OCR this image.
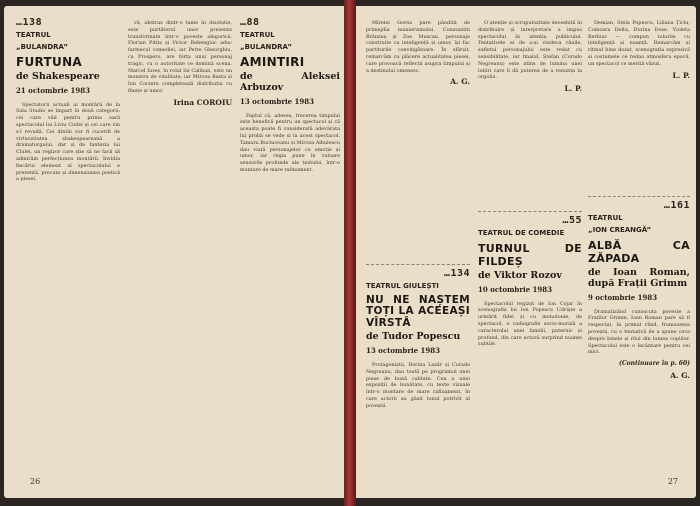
…138
TEATRUL
„BULANDRA”
FURTUNA
de Shakespeare
21 octombrie 1983

Spectatorii actuali ai montării de la Sala Studio se împart în două categorii: cei care văd pentru prima oară spectacolul lui Liviu Ciulei și cei care vin s-l revadă. Cei dintâi vor fi cucerifi de virtuozitatea shakespeareană a dramaturgului, dar și de fantezia lui Ciulei, un regizor care știe să ne facă să admirăm perfecțiunea montării. Invidia fiecărui element al spectacolului e prezentă, precum și dimensiunea poetică a piesei.

vă, abstras dintr-o lume în disolutie, este purtătorul unor prezente transformate într-o poveste alegorică. Florian Pittiș și Victor Rebengiuc aduc farmecul comediei, iar Petre Gheorghiu, ca Prospero, are forța unui personaj tragic, cu o autoritate ce domină scena. Marcel Iureș, în rolul lui Caliban, este un monstru de vitalitate, iar Mircea Basta și Ion Cocieru completează distribuția cu finețe și umor.

Irina COROIU
…88
TEATRUL
„BULANDRA”
AMINTIRI
de Aleksei Arbuzov
13 octombrie 1983

Faptul că, adesea, trecerea timpului este benefică pentru un spectacol și că aceasta poate fi considerată adevărata lui probă se vede și la acest spectacol. Tamara Buciuceanu și Mircea Albulescu dau viață personajelor cu emoție și umor, iar regia pune în valoare sensurile profunde ale textului, într-o montare de mare rafinament.

26

Mirelei Gorea pare pândită de primejdia manierismului. Constantin Brânzea și Zoe Muscan, personaje construite cu inteligență și umor, își fac partiturile convingătoare. În sfârșit, remarcăm cu plăcere actualitatea piesei, care provoacă reflecții asupra timpului și a destinului omenesc.

A. G.

O atenție și scrupulozitate deosebită în distribuire și interpretare a impus spectacolul în atenția publicului. Tentativele ei de a-și vindeca rănile, sufletul personajului este redat cu sensibilitate, iar finalul, Ștefan (Corado Negreanu) este atins de lumina unei iubiri care îi dă puterea de a renunța la orgoliu.

L. P.

Demian, Stela Popescu, Liliana Țiclu, Comoara Delta, Dorina Dose, Violeta Berbiuc — compun rolurile cu inteligență și nuanță. Remarcăm și ritmul bine dozat, scenografia expresivă și costumele ce redau atmosfera epocii, un spectacol ce merită văzut.

L. P.
…134
TEATRUL GIULEȘTI
NU NE NAȘTEM TOȚI LA ACEEAȘI VÎRSTĂ
de Tudor Popescu
13 octombrie 1983

Protagoniștii, Dorina Lazăr și Corado Negreanu, dau toată pe programul unei piese de bună calitate. Cea a unei expoziții de bunătate, cu texte vizuale într-o montare de mare rafinament, în care actorii au găsit tonul potrivit al poveștii.

…55
TEATRUL DE COMEDIE
TURNUL DE FILDEȘ
de Viktor Rozov
10 octombrie 1983

Spectacolul regizat de Ion Cojar în scenografia lui Ion Popescu Udriște a urmărit fidel și cu monotonie, de spectacol, o radiografie socio-morală a caracterului unei familii, puternic și profund, din care actorii surprind nuanțe subtile.

…161
TEATRUL
„ION CREANGĂ”
ALBĂ CA ZĂPADA
de Ioan Roman, după Frații Grimm
9 octombrie 1983

Dramatizând cunoscuta poveste a Fraților Grimm, Ioan Roman pare să fi respectat, în primul rând, frumusețea poveștii, cu o tentativă de a spune ceva despre binele și răul din lumea copiilor. Spectacolul este o încântare pentru cei mici.

(Continuare în p. 60)
A. G.
27
